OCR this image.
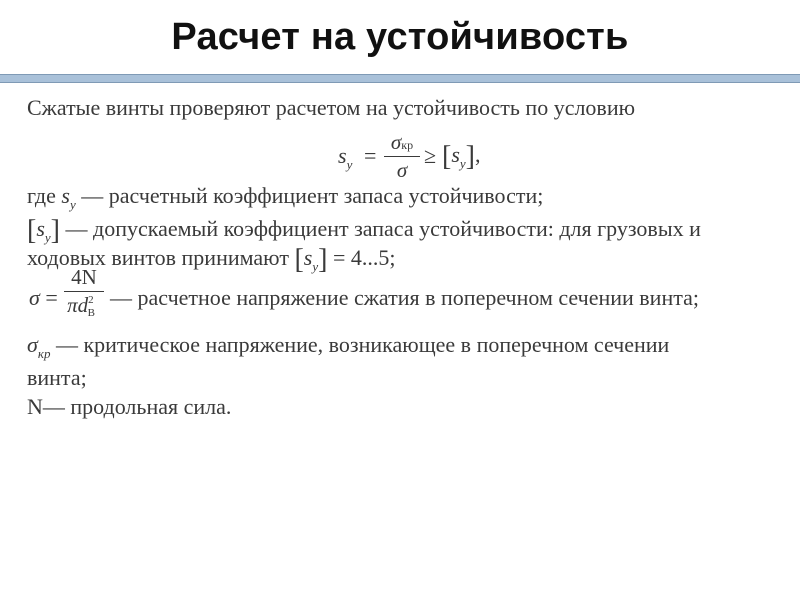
Расчет на устойчивость
Сжатые винты проверяют расчетом на устойчивость по условию
$s_y$ =
σкр
σ
≥ $[s_y]$,
где $s_y$ — расчетный коэффициент запаса устойчивости;
$[s_y]$ — допускаемый коэффициент запаса устойчивости: для грузовых и
ходовых винтов принимают $[s_y] = 4...5$;
σ =
4N
$\pi d^2B$
— расчетное напряжение сжатия в поперечном сечении винта;
$\sigma_{кр}$ — критическое напряжение, возникающее в поперечном сечении
винта;
N— продольная сила.
